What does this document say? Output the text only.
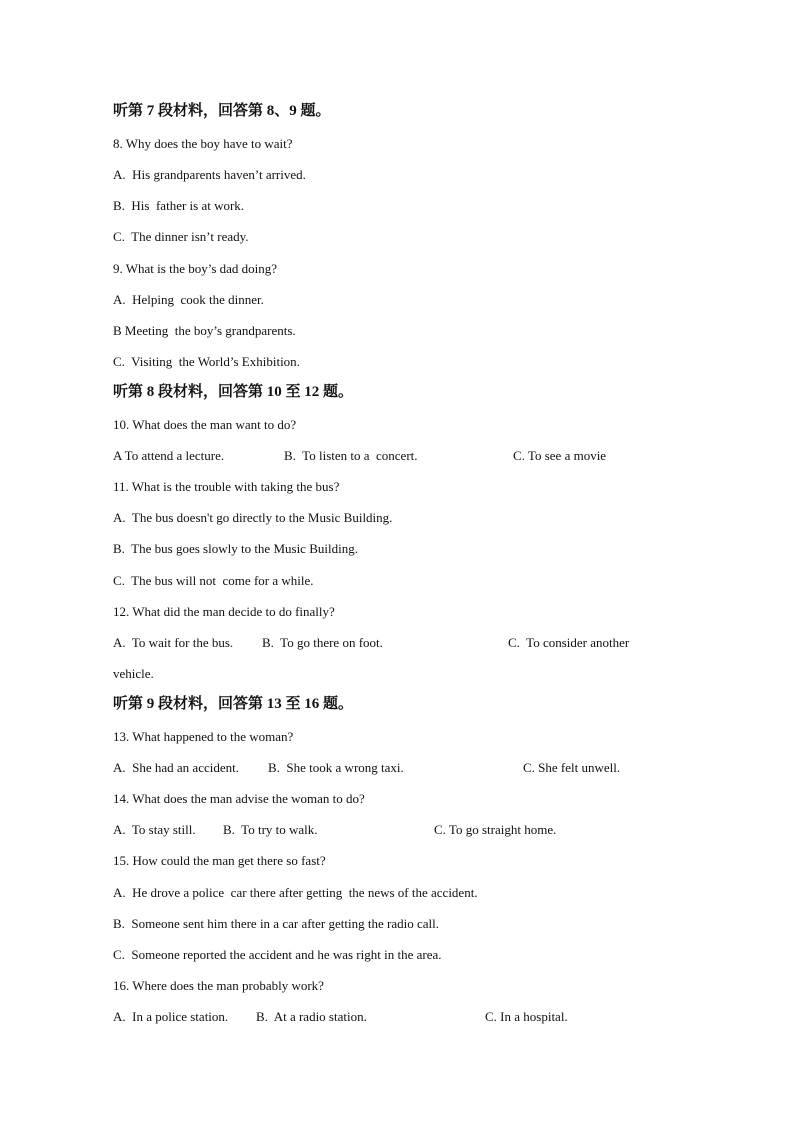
听第 7 段材料，回答第 8、9 题。
8. Why does the boy have to wait?
A.  His grandparents haven’t arrived.
B.  His  father is at work.
C.  The dinner isn’t ready.
9. What is the boy’s dad doing?
A.  Helping  cook the dinner.
B Meeting  the boy’s grandparents.
C.  Visiting  the World’s Exhibition.
听第 8 段材料，回答第 10 至 12 题。
10. What does the man want to do?
A To attend a lecture.	B.  To listen to a  concert.	C. To see a movie
11. What is the trouble with taking the bus?
A.  The bus doesn't go directly to the Music Building.
B.  The bus goes slowly to the Music Building.
C.  The bus will not  come for a while.
12. What did the man decide to do finally?
A.  To wait for the bus. B.  To go there on foot.	C.  To consider another
vehicle.
听第 9 段材料，回答第 13 至 16 题。
13. What happened to the woman?
A.  She had an accident. B.  She took a wrong taxi.	C. She felt unwell.
14. What does the man advise the woman to do?
A.  To stay still. B.  To try to walk.	C. To go straight home.
15. How could the man get there so fast?
A.  He drove a police  car there after getting  the news of the accident.
B.  Someone sent him there in a car after getting the radio call.
C.  Someone reported the accident and he was right in the area.
16. Where does the man probably work?
A.  In a police station. B.  At a radio station.	C. In a hospital.
